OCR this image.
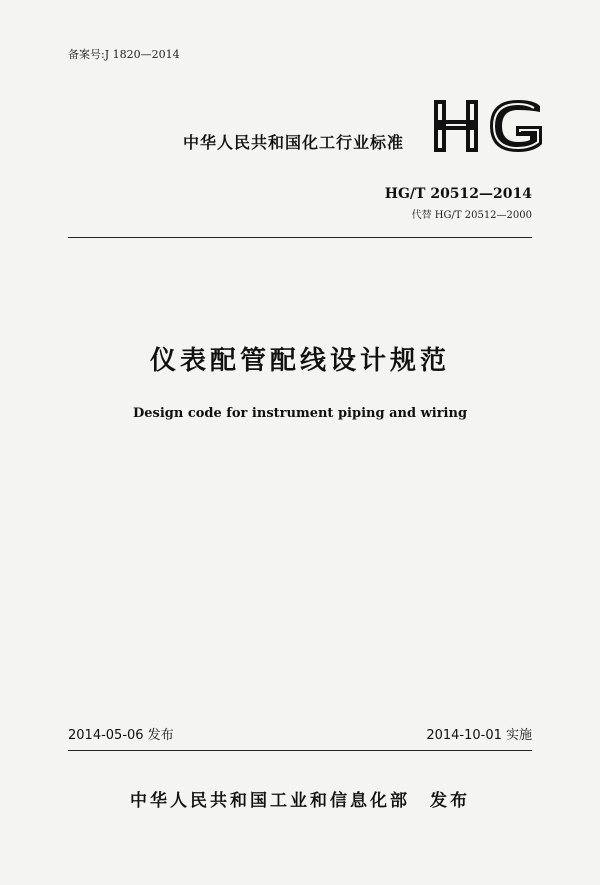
备案号:J 1820—2014
中华人民共和国化工行业标准
HG/T 20512—2014
代替 HG/T 20512—2000
仪表配管配线设计规范
Design code for instrument piping and wiring
2014-05-06 发布	2014-10-01 实施
中华人民共和国工业和信息化部　发布
